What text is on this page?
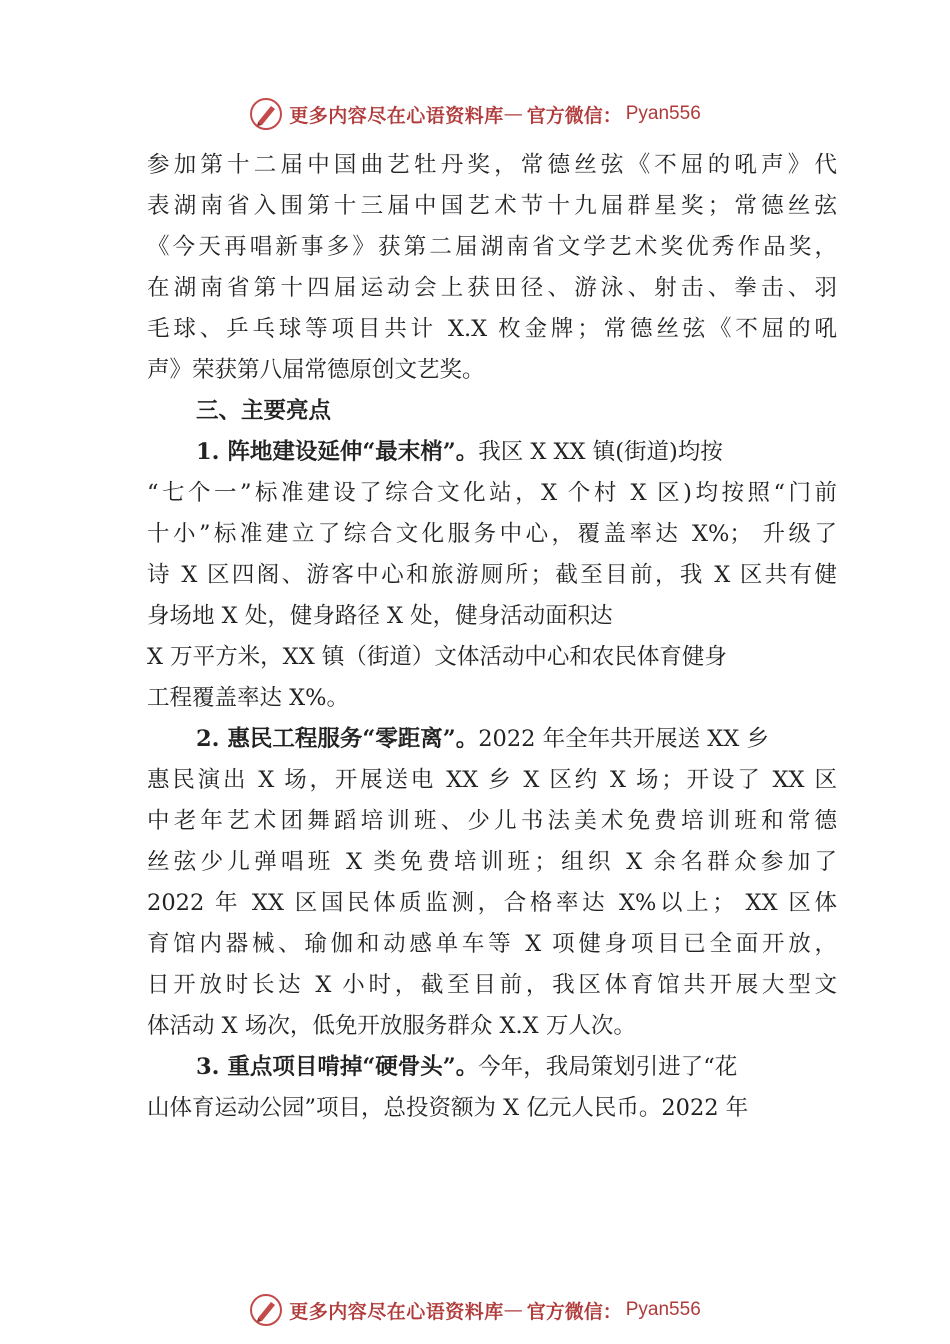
更多内容尽在心语资料库 — 官方微信： Pyan556
参加第十二届中国曲艺牡丹奖，常德丝弦《不屈的吼声》代
表湖南省入围第十三届中国艺术节十九届群星奖；常德丝弦
《今天再唱新事多》获第二届湖南省文学艺术奖优秀作品奖，
在湖南省第十四届运动会上获田径、游泳、射击、拳击、羽
毛球、乒乓球等项目共计 X.X 枚金牌；常德丝弦《不屈的吼
声》荣获第八届常德原创文艺奖。
三、主要亮点
1. 阵地建设延伸“最末梢”。我区 X XX 镇(街道)均按
“七个一”标准建设了综合文化站，X 个村 X 区)均按照“门前
十小”标准建立了综合文化服务中心，覆盖率达 X%； 升级了
诗 X 区四阁、游客中心和旅游厕所；截至目前，我 X 区共有健
身场地 X 处，健身路径 X 处，健身活动面积达
X 万平方米，XX 镇（街道）文体活动中心和农民体育健身
工程覆盖率达 X%。
2. 惠民工程服务“零距离”。2022 年全年共开展送 XX 乡
惠民演出 X 场，开展送电 XX 乡 X 区约 X 场；开设了 XX 区
中老年艺术团舞蹈培训班、少儿书法美术免费培训班和常德
丝弦少儿弹唱班 X 类免费培训班；组织 X 余名群众参加了
2022 年 XX 区国民体质监测，合格率达 X%以上； XX 区体
育馆内器械、瑜伽和动感单车等 X 项健身项目已全面开放，
日开放时长达 X 小时，截至目前，我区体育馆共开展大型文
体活动 X 场次，低免开放服务群众 X.X 万人次。
3. 重点项目啃掉“硬骨头”。今年，我局策划引进了“花
山体育运动公⁡园”项目，总投资额为 X 亿元人民币。2022 年
更多内容尽在心语资料库 — 官方微信： Pyan556
